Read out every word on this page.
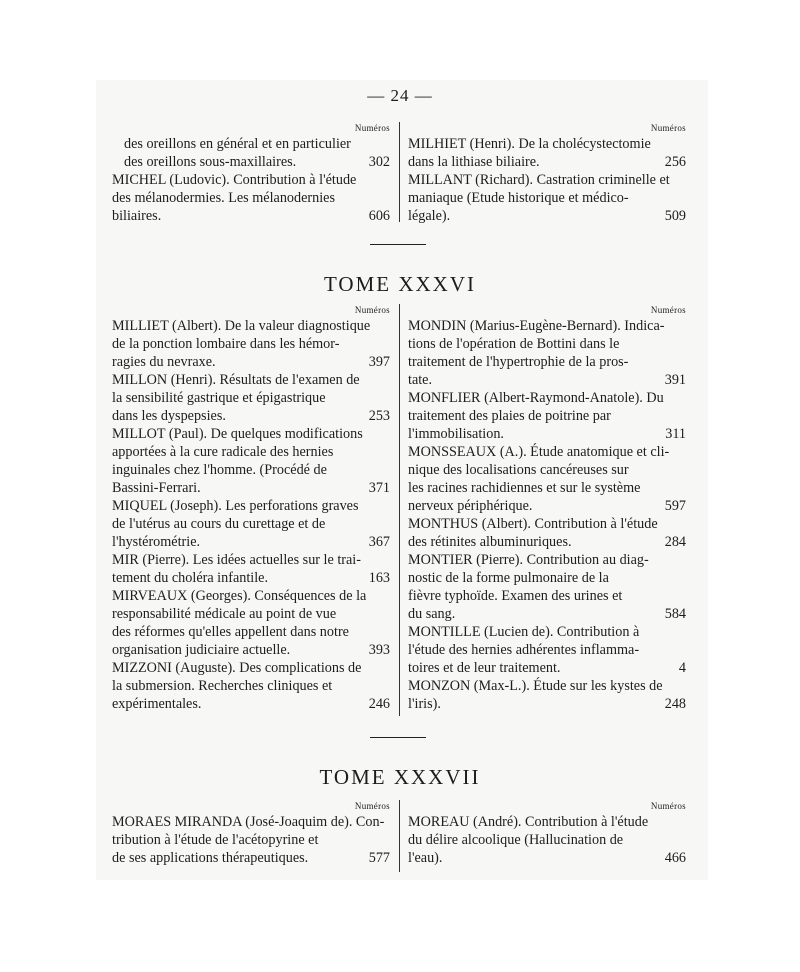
— 24 —
Numéros
des oreillons en général et en particulier
des oreillons sous-maxillaires.	302
MICHEL (Ludovic). Contribution à l'étude
des mélanodermies. Les mélanodernies
biliaires.	606
Numéros
MILHIET (Henri). De la cholécystectomie
dans la lithiase biliaire.	256
MILLANT (Richard). Castration criminelle et
maniaque (Etude historique et médico-
légale).	509
TOME XXXVI
Numéros
MILLIET (Albert). De la valeur diagnostique
de la ponction lombaire dans les hémor-
ragies du nevraxe.	397
MILLON (Henri). Résultats de l'examen de
la sensibilité gastrique et épigastrique
dans les dyspepsies.	253
MILLOT (Paul). De quelques modifications
apportées à la cure radicale des hernies
inguinales chez l'homme. (Procédé de
Bassini-Ferrari.	371
MIQUEL (Joseph). Les perforations graves
de l'utérus au cours du curettage et de
l'hystérométrie.	367
MIR (Pierre). Les idées actuelles sur le trai-
tement du choléra infantile.	163
MIRVEAUX (Georges). Conséquences de la
responsabilité médicale au point de vue
des réformes qu'elles appellent dans notre
organisation judiciaire actuelle.	393
MIZZONI (Auguste). Des complications de
la submersion. Recherches cliniques et
expérimentales.	246
Numéros
MONDIN (Marius-Eugène-Bernard). Indica-
tions de l'opération de Bottini dans le
traitement de l'hypertrophie de la pros-
tate.	391
MONFLIER (Albert-Raymond-Anatole). Du
traitement des plaies de poitrine par
l'immobilisation.	311
MONSSEAUX (A.). Étude anatomique et cli-
nique des localisations cancéreuses sur
les racines rachidiennes et sur le système
nerveux périphérique.	597
MONTHUS (Albert). Contribution à l'étude
des rétinites albuminuriques.	284
MONTIER (Pierre). Contribution au diag-
nostic de la forme pulmonaire de la
fièvre typhoïde. Examen des urines et
du sang.	584
MONTILLE (Lucien de). Contribution à
l'étude des hernies adhérentes inflamma-
toires et de leur traitement.	4
MONZON (Max-L.). Étude sur les kystes de
l'iris).	248
TOME XXXVII
Numéros
MORAES MIRANDA (José-Joaquim de). Con-
tribution à l'étude de l'acétopyrine et
de ses applications thérapeutiques.	577
Numéros
MOREAU (André). Contribution à l'étude
du délire alcoolique (Hallucination de
l'eau).	466
